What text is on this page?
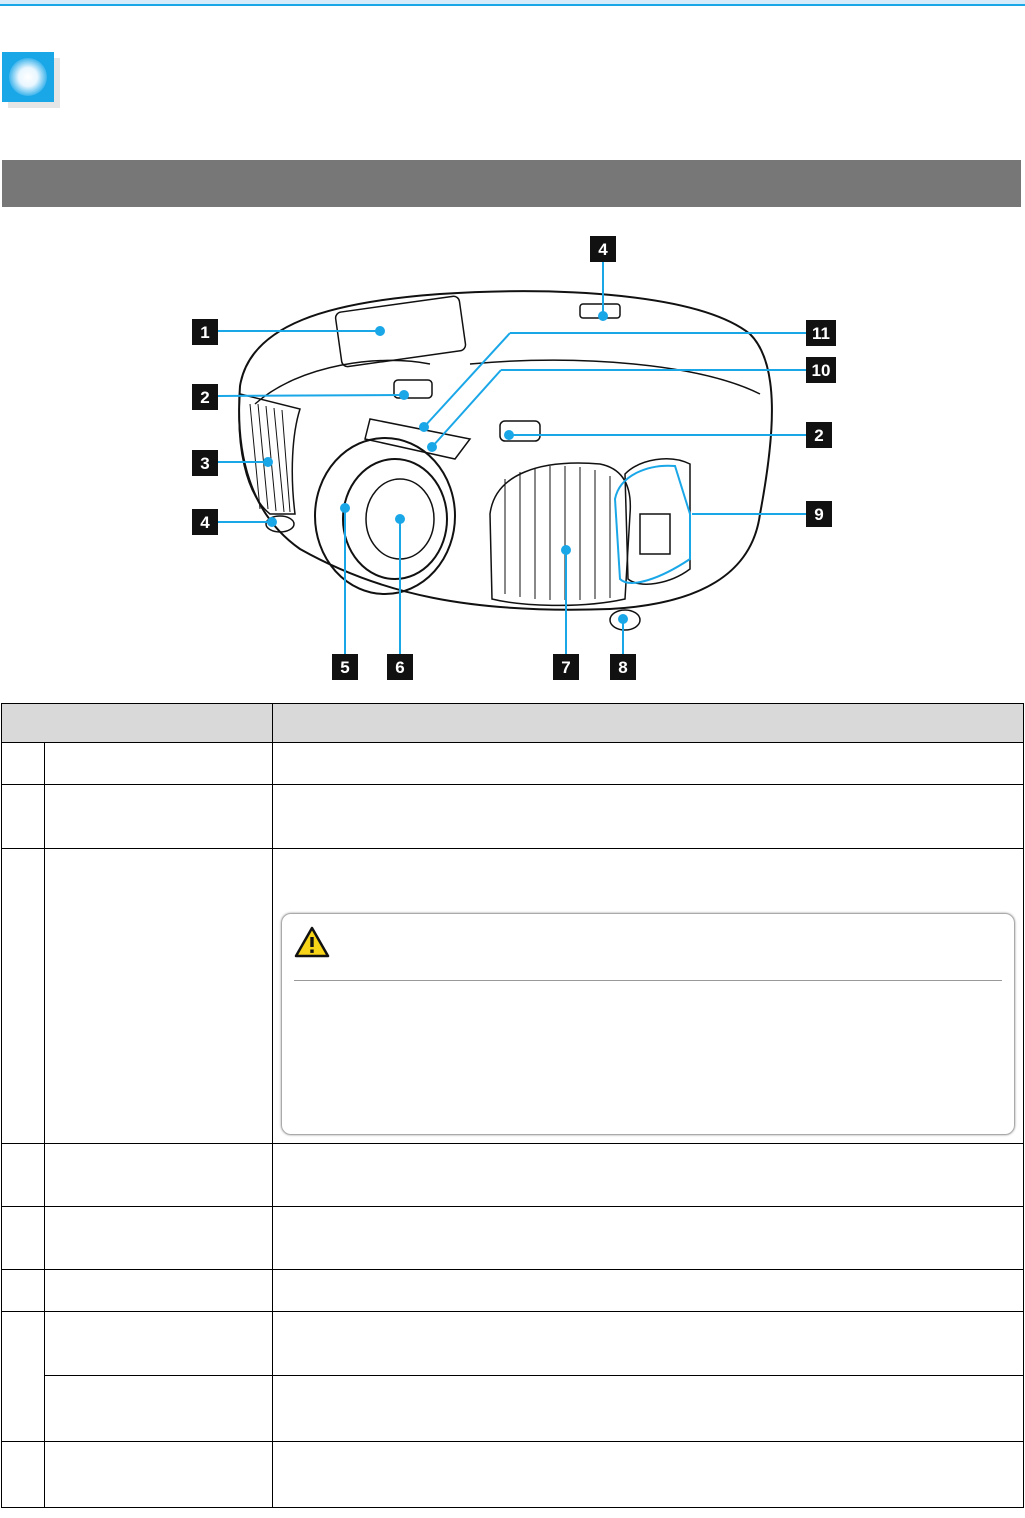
1
2
3
4
4
11
10
2
9
5	6	7	8
